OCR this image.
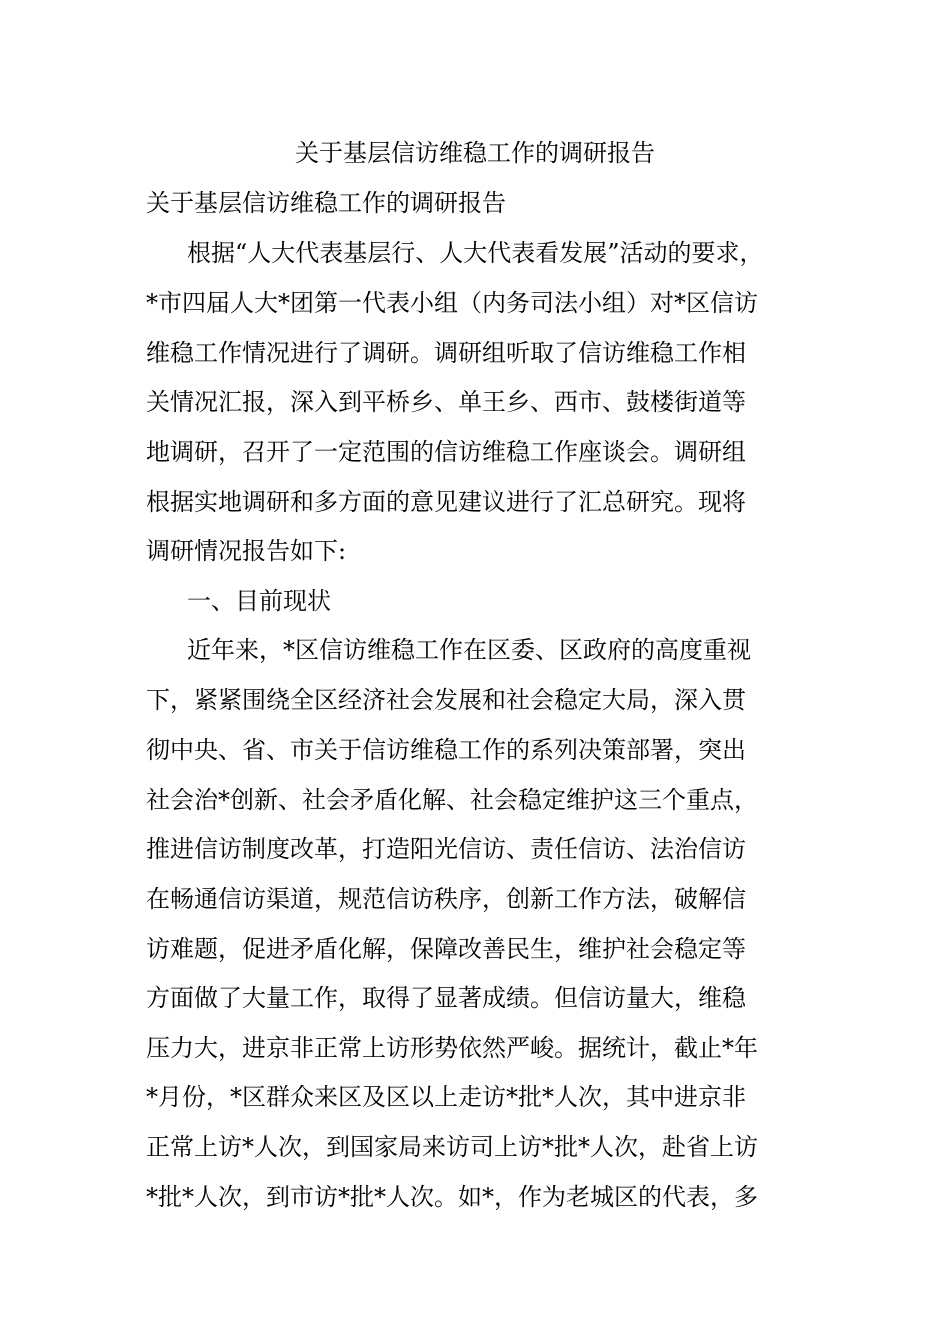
关于基层信访维稳工作的调研报告
关于基层信访维稳工作的调研报告
根据“人大代表基层行、人大代表看发展”活动的要求，
*市四届人大*团第一代表小组（内务司法小组）对*区信访
维稳工作情况进行了调研。调研组听取了信访维稳工作相
关情况汇报，深入到平桥乡、单王乡、西市、鼓楼街道等
地调研，召开了一定范围的信访维稳工作座谈会。调研组
根据实地调研和多方面的意见建议进行了汇总研究。现将
调研情况报告如下:
一、目前现状
近年来，*区信访维稳工作在区委、区政府的高度重视
下，紧紧围绕全区经济社会发展和社会稳定大局，深入贯
彻中央、省、市关于信访维稳工作的系列决策部署，突出
社会治*创新、社会矛盾化解、社会稳定维护这三个重点，
推进信访制度改革，打造阳光信访、责任信访、法治信访
在畅通信访渠道，规范信访秩序，创新工作方法，破解信
访难题，促进矛盾化解，保障改善民生，维护社会稳定等
方面做了大量工作，取得了显著成绩。但信访量大，维稳
压力大，进京非正常上访形势依然严峻。据统计，截止*年
*月份，*区群众来区及区以上走访*批*人次，其中进京非
正常上访*人次，到国家局来访司上访*批*人次，赴省上访
*批*人次，到市访*批*人次。如*，作为老城区的代表，多
